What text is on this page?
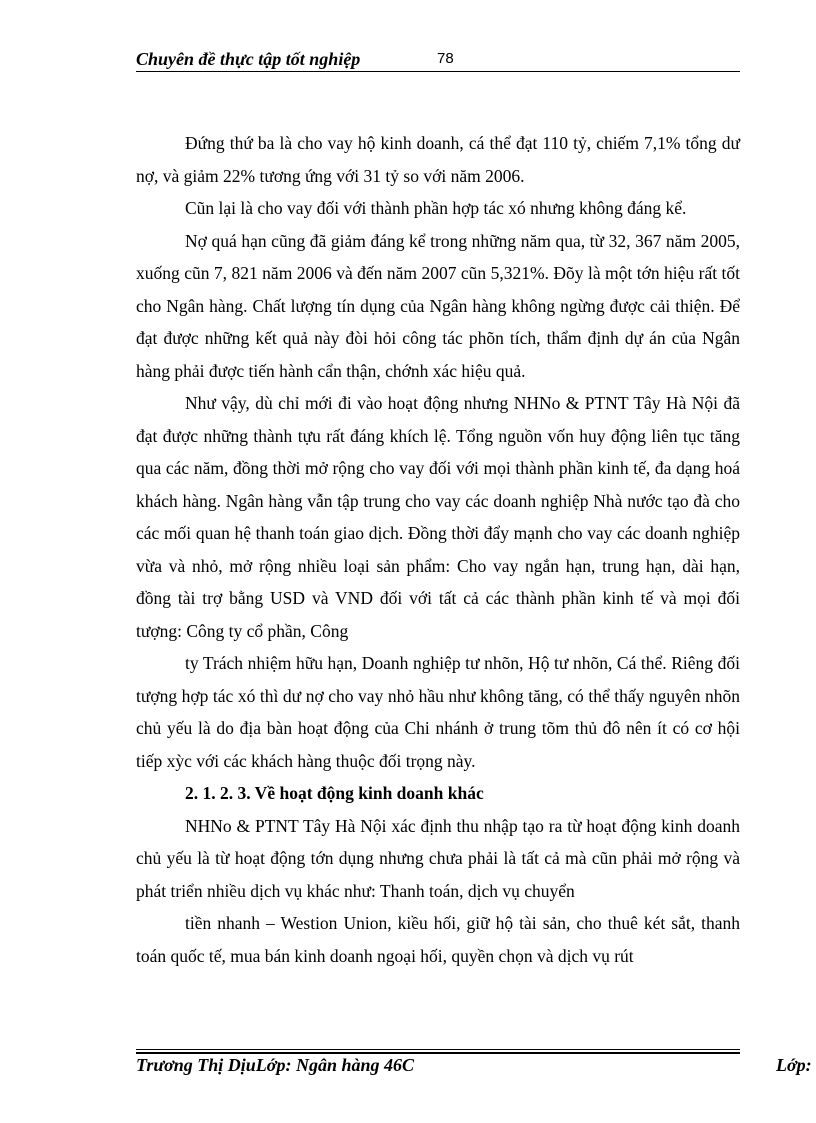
Chuyên đề thực tập tốt nghiệp	78

Đứng thứ ba là cho vay hộ kinh doanh, cá thể đạt 110 tỷ, chiếm 7,1% tổng dư nợ, và giảm 22% tương ứng với 31 tỷ so với năm 2006.

Cũn lại là cho vay đối với thành phần hợp tác xó nhưng không đáng kể.

Nợ quá hạn cũng đã giảm đáng kể trong những năm qua, từ 32, 367 năm 2005, xuống cũn 7, 821 năm 2006 và đến năm 2007 cũn 5,321%. Đõy là một tớn hiệu rất tốt cho Ngân hàng. Chất lượng tín dụng của Ngân hàng không ngừng được cải thiện. Để đạt được những kết quả này đòi hỏi công tác phõn tích, thẩm định dự án của Ngân hàng phải được tiến hành cẩn thận, chớnh xác hiệu quả.

Như vậy, dù chỉ mới đi vào hoạt động nhưng NHNo & PTNT Tây Hà Nội đã đạt được những thành tựu rất đáng khích lệ. Tổng nguồn vốn huy động liên tục tăng qua các năm, đồng thời mở rộng cho vay đối với mọi thành phần kinh tế, đa dạng hoá khách hàng. Ngân hàng vẫn tập trung cho vay các doanh nghiệp Nhà nước tạo đà cho các mối quan hệ thanh toán giao dịch. Đồng thời đẩy mạnh cho vay các doanh nghiệp vừa và nhỏ, mở rộng nhiều loại sản phẩm: Cho vay ngắn hạn, trung hạn, dài hạn, đồng tài trợ bằng USD và VND đối với tất cả các thành phần kinh tế và mọi đối tượng: Công ty cổ phần, Công

ty Trách nhiệm hữu hạn, Doanh nghiệp tư nhõn, Hộ tư nhõn, Cá thể. Riêng đối tượng hợp tác xó thì dư nợ cho vay nhỏ hầu như không tăng, có thể thấy nguyên nhõn chủ yếu là do địa bàn hoạt động của Chi nhánh ở trung tõm thủ đô nên ít có cơ hội tiếp xỳc với các khách hàng thuộc đối trọng này.

2. 1. 2. 3. Về hoạt động kinh doanh khác

NHNo & PTNT Tây Hà Nội xác định thu nhập tạo ra từ hoạt động kinh doanh chủ yếu là từ hoạt động tớn dụng nhưng chưa phải là tất cả mà cũn phải mở rộng và phát triển nhiều dịch vụ khác như: Thanh toán, dịch vụ chuyển

tiền nhanh – Westion Union, kiều hối, giữ hộ tài sản, cho thuê két sắt, thanh toán quốc tế, mua bán kinh doanh ngoại hối, quyền chọn và dịch vụ rút

Trương Thị DịuLớp: Ngân hàng 46C	Lớp:
